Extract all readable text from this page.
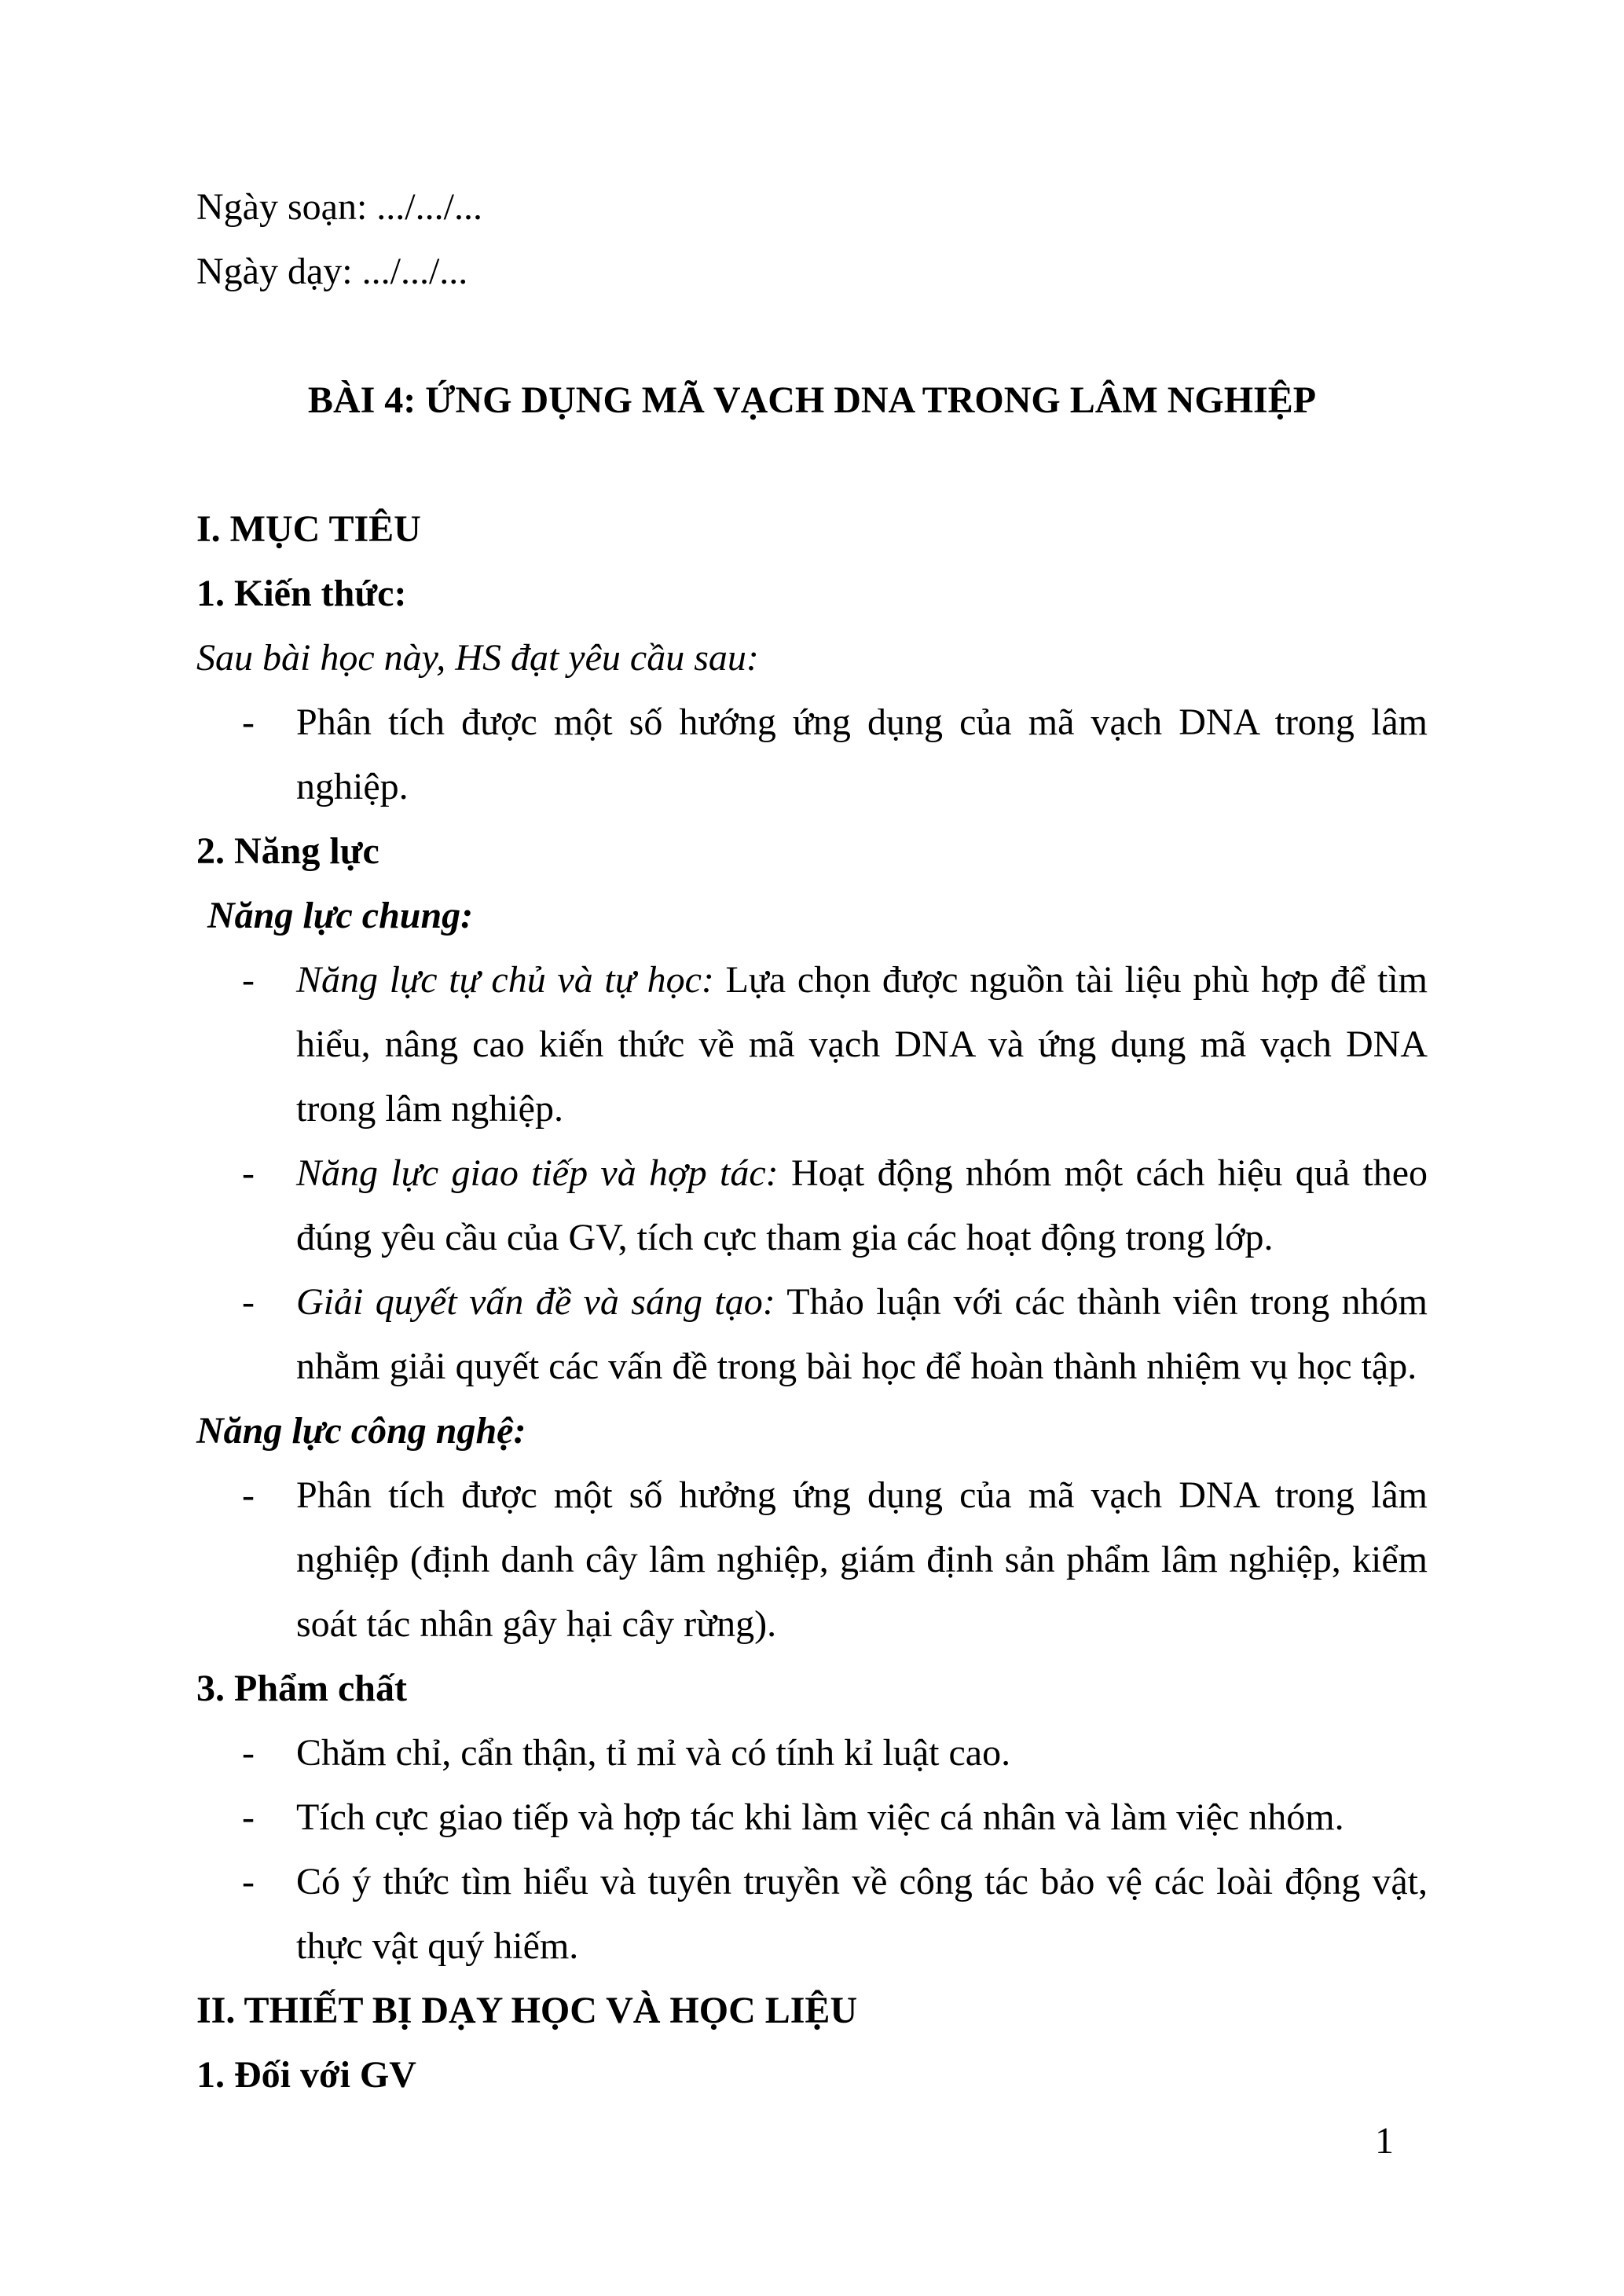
Ngày soạn: .../.../...
Ngày dạy: .../.../...
BÀI 4: ỨNG DỤNG MÃ VẠCH DNA TRONG LÂM NGHIỆP
I. MỤC TIÊU
1. Kiến thức:
Sau bài học này, HS đạt yêu cầu sau:
- Phân tích được một số hướng ứng dụng của mã vạch DNA trong lâm
nghiệp.
2. Năng lực
Năng lực chung:
- Năng lực tự chủ và tự học: Lựa chọn được nguồn tài liệu phù hợp để tìm
hiểu, nâng cao kiến thức về mã vạch DNA và ứng dụng mã vạch DNA
trong lâm nghiệp.
- Năng lực giao tiếp và hợp tác: Hoạt động nhóm một cách hiệu quả theo
đúng yêu cầu của GV, tích cực tham gia các hoạt động trong lớp.
- Giải quyết vấn đề và sáng tạo: Thảo luận với các thành viên trong nhóm
nhằm giải quyết các vấn đề trong bài học để hoàn thành nhiệm vụ học tập.
Năng lực công nghệ:
- Phân tích được một số hưởng ứng dụng của mã vạch DNA trong lâm
nghiệp (định danh cây lâm nghiệp, giám định sản phẩm lâm nghiệp, kiểm
soát tác nhân gây hại cây rừng).
3. Phẩm chất
- Chăm chỉ, cẩn thận, tỉ mỉ và có tính kỉ luật cao.
- Tích cực giao tiếp và hợp tác khi làm việc cá nhân và làm việc nhóm.
- Có ý thức tìm hiểu và tuyên truyền về công tác bảo vệ các loài động vật,
thực vật quý hiếm.
II. THIẾT BỊ DẠY HỌC VÀ HỌC LIỆU
1. Đối với GV
1
